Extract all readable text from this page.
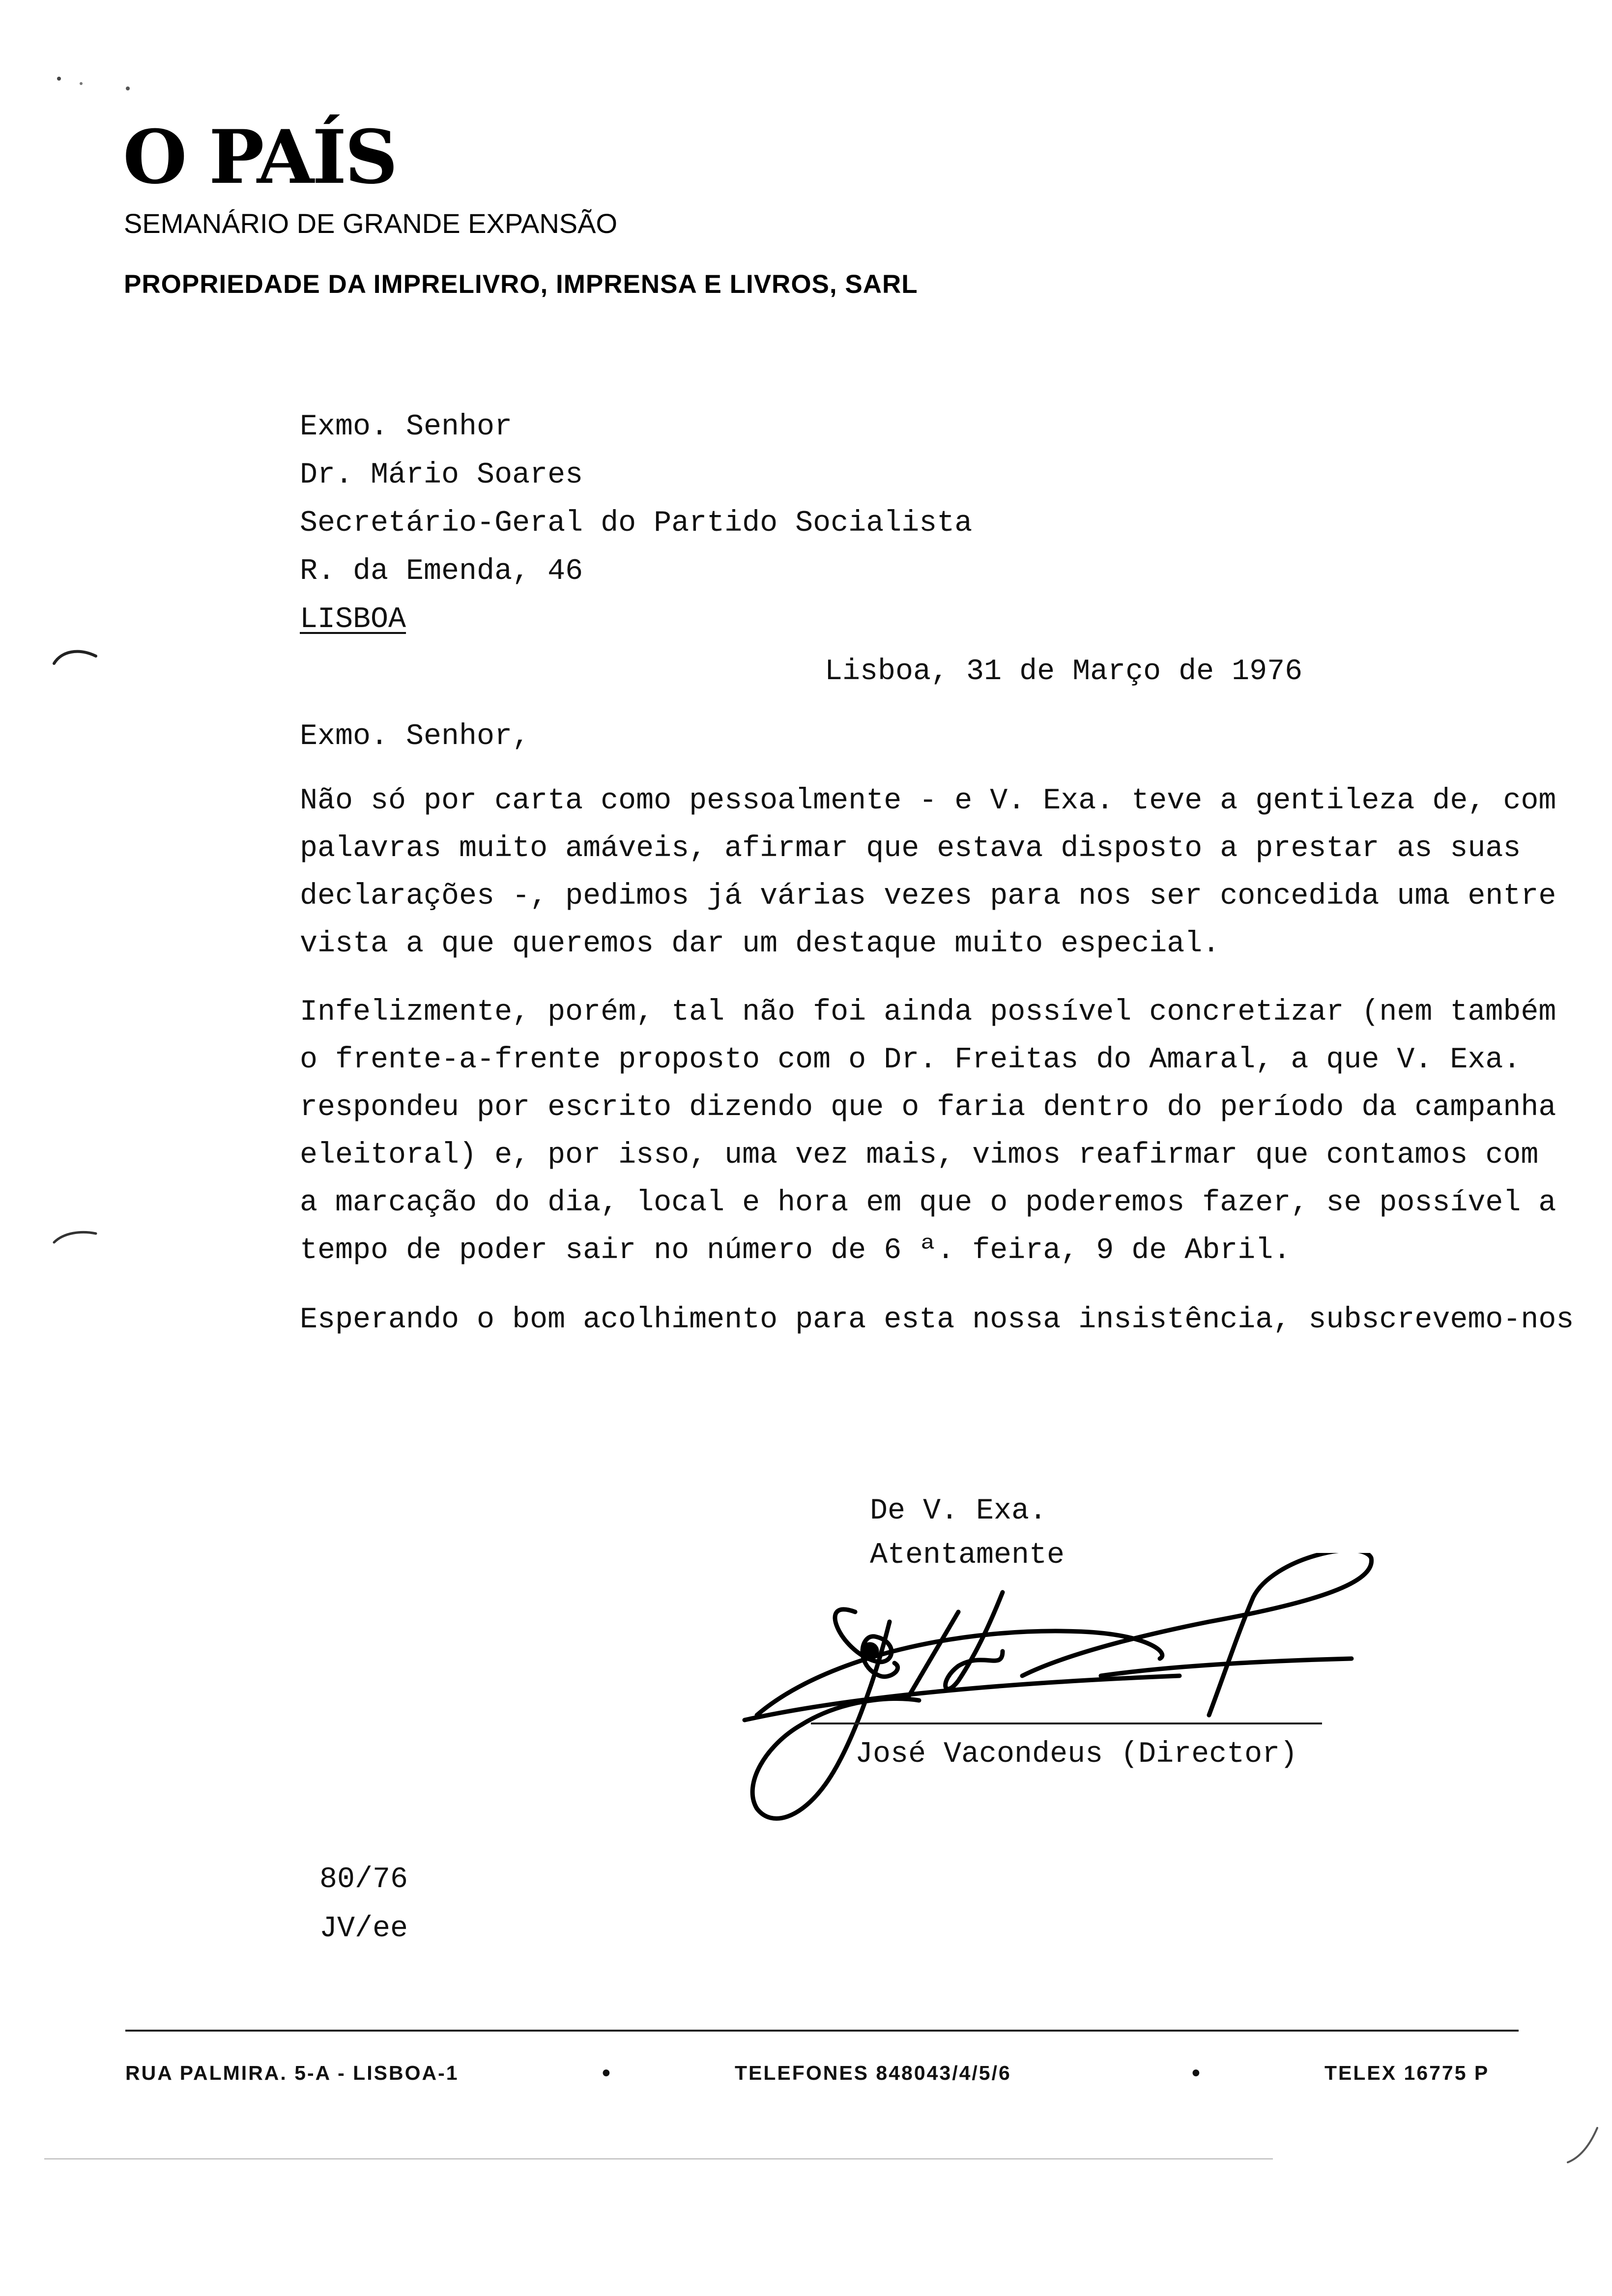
O PAÍS
SEMANÁRIO DE GRANDE EXPANSÃO
PROPRIEDADE DA IMPRELIVRO, IMPRENSA E LIVROS, SARL
Exmo. Senhor
Dr. Mário Soares
Secretário-Geral do Partido Socialista
R. da Emenda, 46
LISBOA
Lisboa, 31 de Março de 1976
Exmo. Senhor,
Não só por carta como pessoalmente - e V. Exa. teve a gentileza de, com
palavras muito amáveis, afirmar que estava disposto a prestar as suas
declarações -, pedimos já várias vezes para nos ser concedida uma entre
vista a que queremos dar um destaque muito especial.
Infelizmente, porém, tal não foi ainda possível concretizar (nem também
o frente-a-frente proposto com o Dr. Freitas do Amaral, a que V. Exa.
respondeu por escrito dizendo que o faria dentro do período da campanha
eleitoral) e, por isso, uma vez mais, vimos reafirmar que contamos com
a marcação do dia, local e hora em que o poderemos fazer, se possível a
tempo de poder sair no número de 6 ª. feira, 9 de Abril.
Esperando o bom acolhimento para esta nossa insistência, subscrevemo-nos
De V. Exa.
Atentamente
José Vacondeus (Director)
80/76
JV/ee
RUA PALMIRA. 5-A - LISBOA-1	•	TELEFONES 848043/4/5/6	•	TELEX 16775 P
